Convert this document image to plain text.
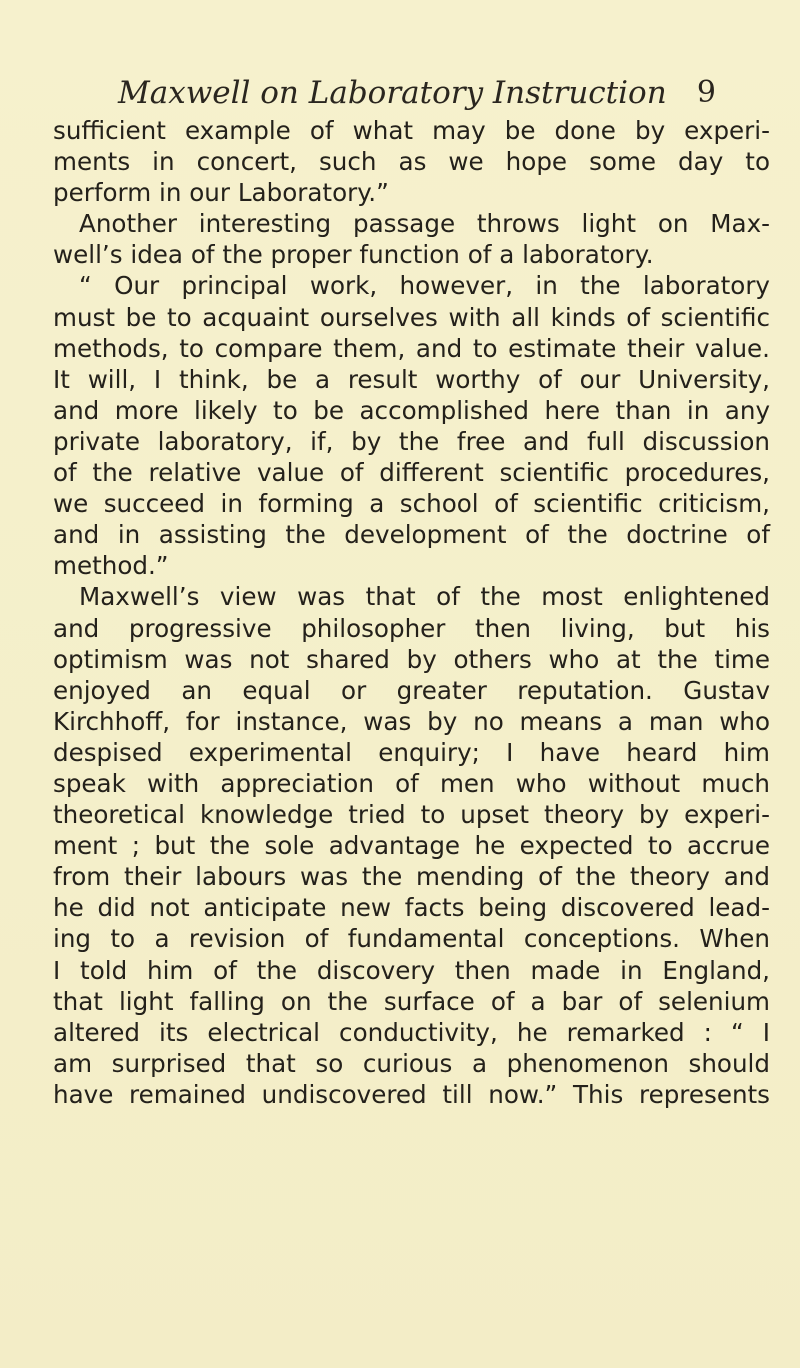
Maxwell on Laboratory Instruction 9
sufficient example of what may be done by experi-
ments in concert, such as we hope some day to
perform in our Laboratory.”
Another interesting passage throws light on Max-
well’s idea of the proper function of a laboratory.
“ Our principal work, however, in the laboratory
must be to acquaint ourselves with all kinds of scientific
methods, to compare them, and to estimate their value.
It will, I think, be a result worthy of our University,
and more likely to be accomplished here than in any
private laboratory, if, by the free and full discussion
of the relative value of different scientific procedures,
we succeed in forming a school of scientific criticism,
and in assisting the development of the doctrine of
method.”
Maxwell’s view was that of the most enlightened
and progressive philosopher then living, but his
optimism was not shared by others who at the time
enjoyed an equal or greater reputation. Gustav
Kirchhoff, for instance, was by no means a man who
despised experimental enquiry; I have heard him
speak with appreciation of men who without much
theoretical knowledge tried to upset theory by experi-
ment ; but the sole advantage he expected to accrue
from their labours was the mending of the theory and
he did not anticipate new facts being discovered lead-
ing to a revision of fundamental conceptions. When
I told him of the discovery then made in England,
that light falling on the surface of a bar of selenium
altered its electrical conductivity, he remarked : “ I
am surprised that so curious a phenomenon should
have remained undiscovered till now.” This represents
